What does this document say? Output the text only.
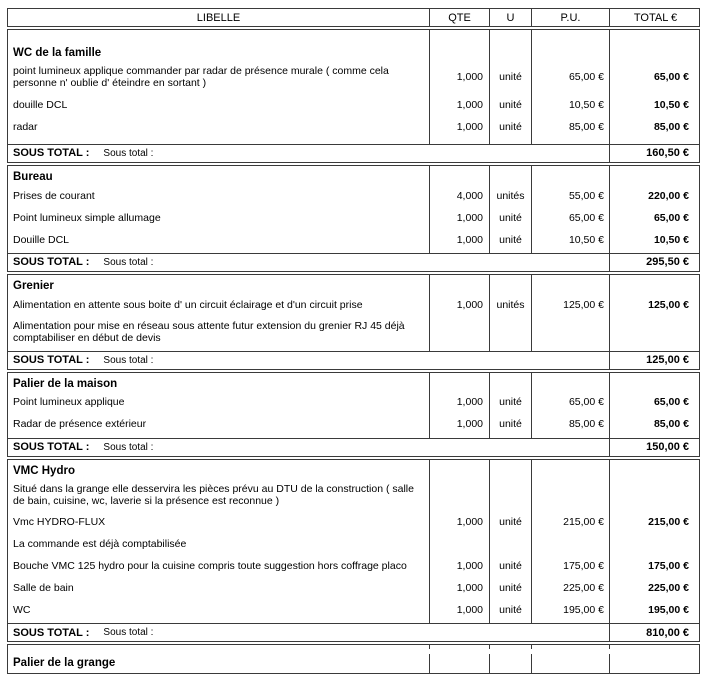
LIBELLE	QTE	U	P.U.	TOTAL €
WC de la famille
point lumineux applique commander par radar de présence murale ( comme cela personne n' oublie d' éteindre en sortant )
1,000	unité	65,00 €	65,00 €
douille DCL	1,000	unité	10,50 €	10,50 €
radar	1,000	unité	85,00 €	85,00 €
SOUS TOTAL : Sous total :	160,50 €
Bureau
Prises de courant	4,000	unités	55,00 €	220,00 €
Point lumineux simple allumage	1,000	unité	65,00 €	65,00 €
Douille DCL	1,000	unité	10,50 €	10,50 €
SOUS TOTAL : Sous total :	295,50 €
Grenier
Alimentation en attente sous boite d' un circuit éclairage et d'un circuit prise	1,000	unités	125,00 €	125,00 €
Alimentation pour mise en réseau sous attente futur extension du grenier RJ 45 déjà comptabiliser en début de devis
SOUS TOTAL : Sous total :	125,00 €
Palier de la maison
Point lumineux applique	1,000	unité	65,00 €	65,00 €
Radar de présence extérieur	1,000	unité	85,00 €	85,00 €
SOUS TOTAL : Sous total :	150,00 €
VMC Hydro
Situé dans la grange elle desservira les pièces prévu au DTU de la construction ( salle de bain, cuisine, wc, laverie si la présence est reconnue )
Vmc HYDRO-FLUX	1,000	unité	215,00 €	215,00 €
La commande est déjà comptabilisée
Bouche VMC 125 hydro pour la cuisine compris toute suggestion hors coffrage placo	1,000	unité	175,00 €	175,00 €
Salle de bain	1,000	unité	225,00 €	225,00 €
WC	1,000	unité	195,00 €	195,00 €
SOUS TOTAL : Sous total :	810,00 €
Palier de la grange
